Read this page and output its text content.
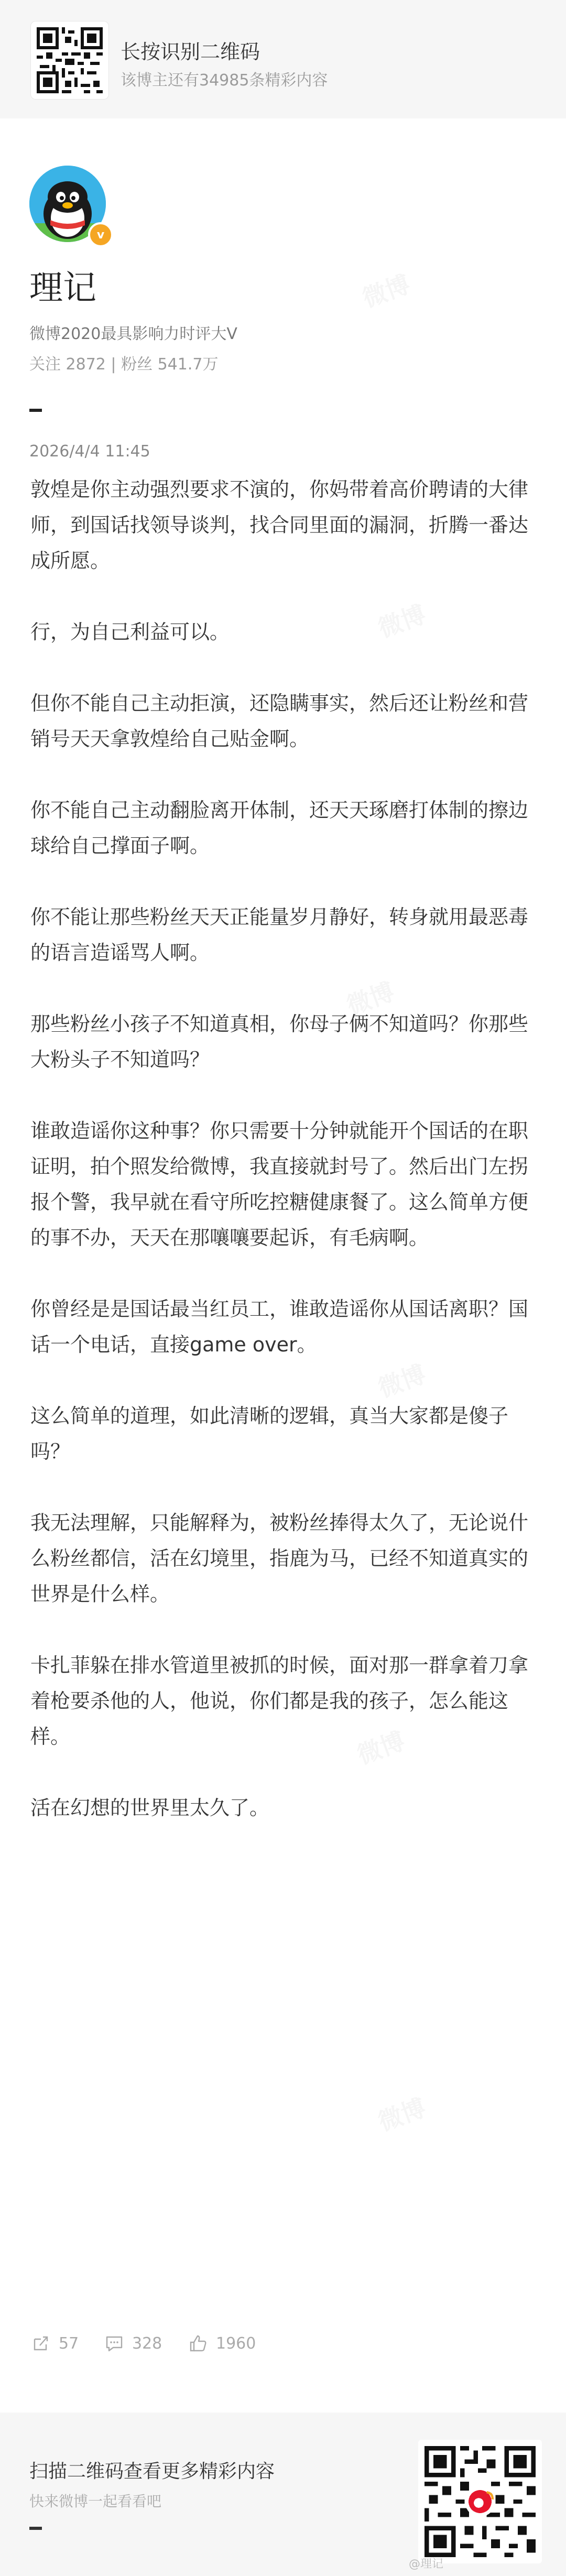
长按识别二维码
该博主还有34985条精彩内容
v
理记
微博2020最具影响力时评大V
关注 2872 | 粉丝 541.7万
2026/4/4 11:45

敦煌是你主动强烈要求不演的，你妈带着高价聘请的大律师，到国话找领导谈判，找合同里面的漏洞，折腾一番达成所愿。

行，为自己利益可以。

但你不能自己主动拒演，还隐瞒事实，然后还让粉丝和营销号天天拿敦煌给自己贴金啊。

你不能自己主动翻脸离开体制，还天天琢磨打体制的擦边球给自己撑面子啊。

你不能让那些粉丝天天正能量岁月静好，转身就用最恶毒的语言造谣骂人啊。

那些粉丝小孩子不知道真相，你母子俩不知道吗？你那些大粉头子不知道吗？

谁敢造谣你这种事？你只需要十分钟就能开个国话的在职证明，拍个照发给微博，我直接就封号了。然后出门左拐报个警，我早就在看守所吃控糖健康餐了。这么简单方便的事不办，天天在那嚷嚷要起诉，有毛病啊。

你曾经是是国话最当红员工，谁敢造谣你从国话离职？国话一个电话，直接game over。

这么简单的道理，如此清晰的逻辑，真当大家都是傻子吗？

我无法理解，只能解释为，被粉丝捧得太久了，无论说什么粉丝都信，活在幻境里，指鹿为马，已经不知道真实的世界是什么样。

卡扎菲躲在排水管道里被抓的时候，面对那一群拿着刀拿着枪要杀他的人，他说，你们都是我的孩子，怎么能这样。

活在幻想的世界里太久了。

57	328	1960
扫描二维码查看更多精彩内容
快来微博一起看看吧
@理记
